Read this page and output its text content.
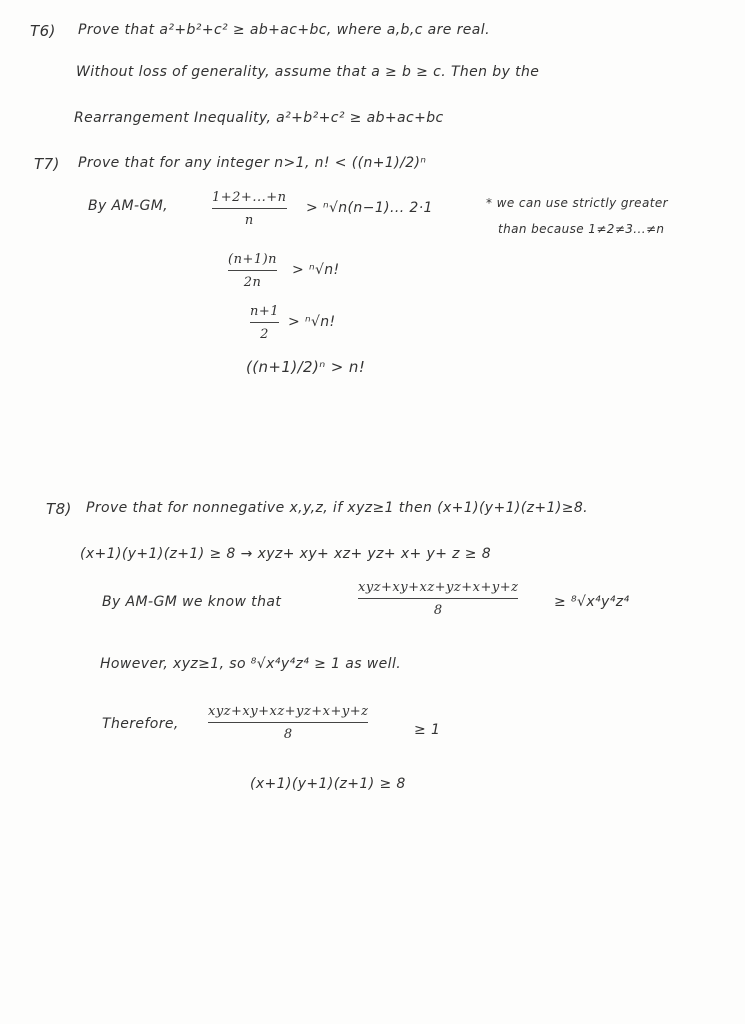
T6) Prove that a²+b²+c² ≥ ab+ac+bc, where a,b,c are real.
Without loss of generality, assume that a ≥ b ≥ c. Then by the
Rearrangement Inequality, a²+b²+c² ≥ ab+ac+bc
T7) Prove that for any integer n>1, n! < ((n+1)/2)ⁿ
By AM-GM,
1+2+...+n
n
> ⁿ√n(n−1)... 2·1	* we can use strictly greater
than because 1≠2≠3...≠n
(n+1)n
2n
> ⁿ√n!
n+1
2
> ⁿ√n!
((n+1)/2)ⁿ > n!
T8) Prove that for nonnegative x,y,z, if xyz≥1 then (x+1)(y+1)(z+1)≥8.
(x+1)(y+1)(z+1) ≥ 8 → xyz+ xy+ xz+ yz+ x+ y+ z ≥ 8
By AM-GM we know that
xyz+xy+xz+yz+x+y+z
8
≥ ⁸√x⁴y⁴z⁴
However, xyz≥1, so ⁸√x⁴y⁴z⁴ ≥ 1 as well.
Therefore,
xyz+xy+xz+yz+x+y+z
8	≥ 1
(x+1)(y+1)(z+1) ≥ 8
